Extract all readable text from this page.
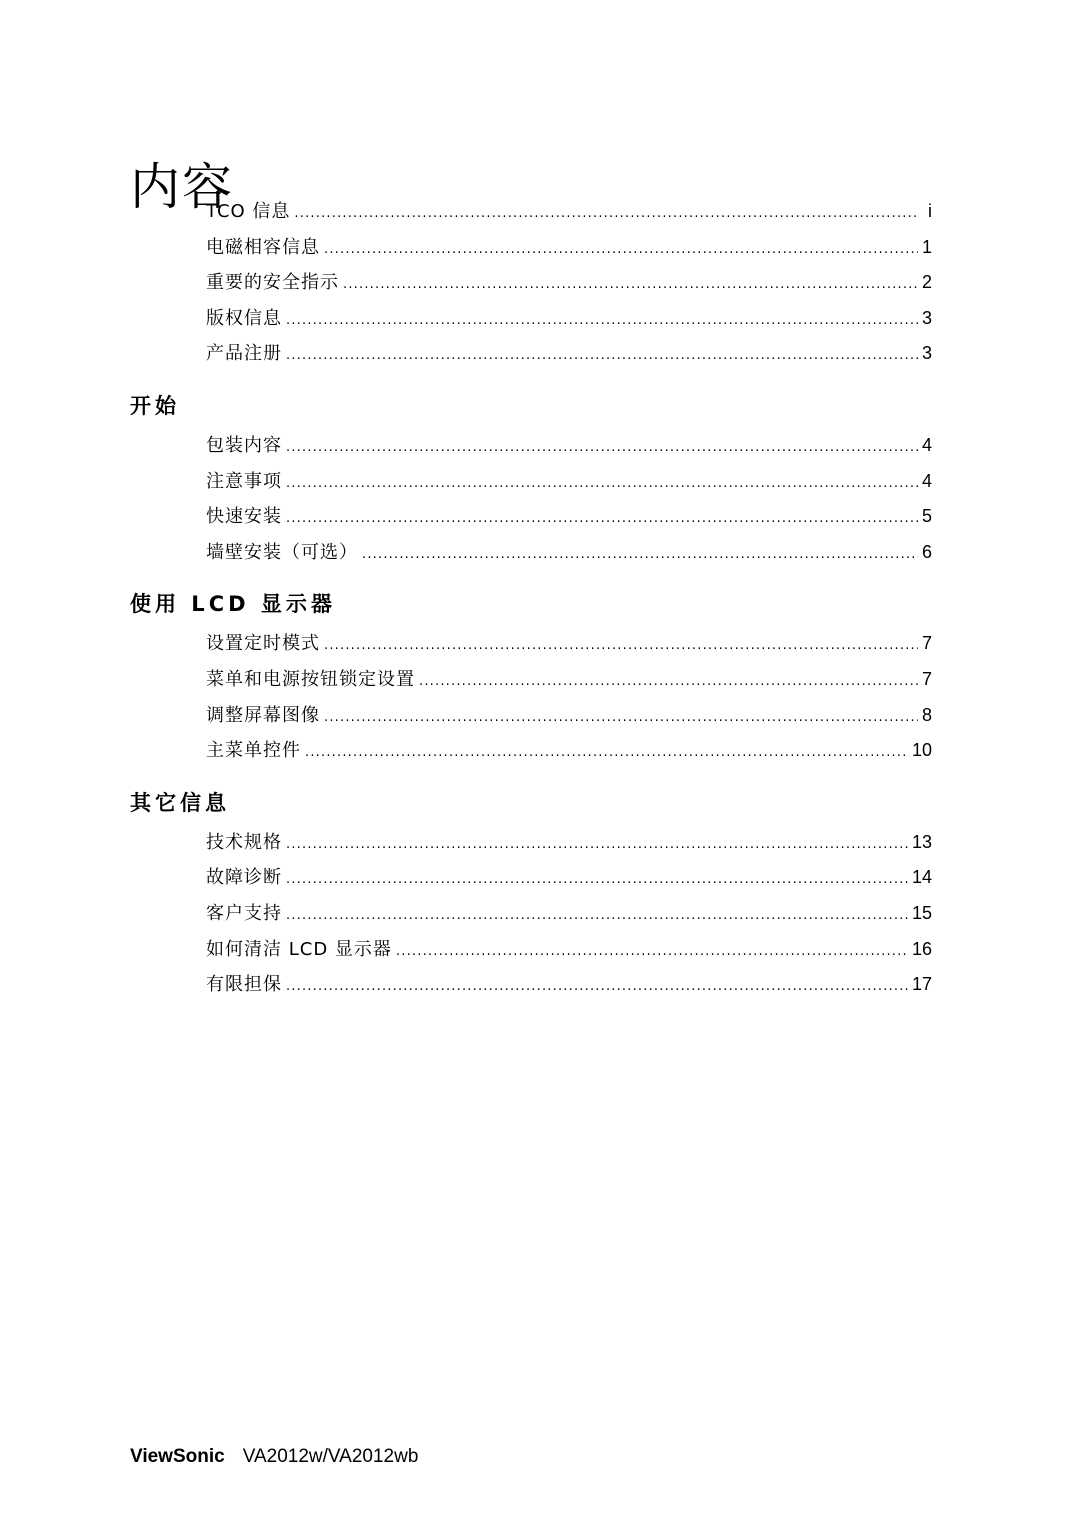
内容
TCO 信息 .....	i
电磁相容信息 .....	1
重要的安全指示 .....	2
版权信息 .....	3
产品注册 .....	3
开始
包装内容 .....	4
注意事项 .....	4
快速安装 .....	5
墙壁安装（可选） .....	6
使用 LCD 显示器
设置定时模式 .....	7
菜单和电源按钮锁定设置 .....	7
调整屏幕图像 .....	8
主菜单控件 .....	10
其它信息
技术规格 .....	13
故障诊断 .....	14
客户支持 .....	15
如何清洁 LCD 显示器 .....	16
有限担保 .....	17
ViewSonic VA2012w/VA2012wb
